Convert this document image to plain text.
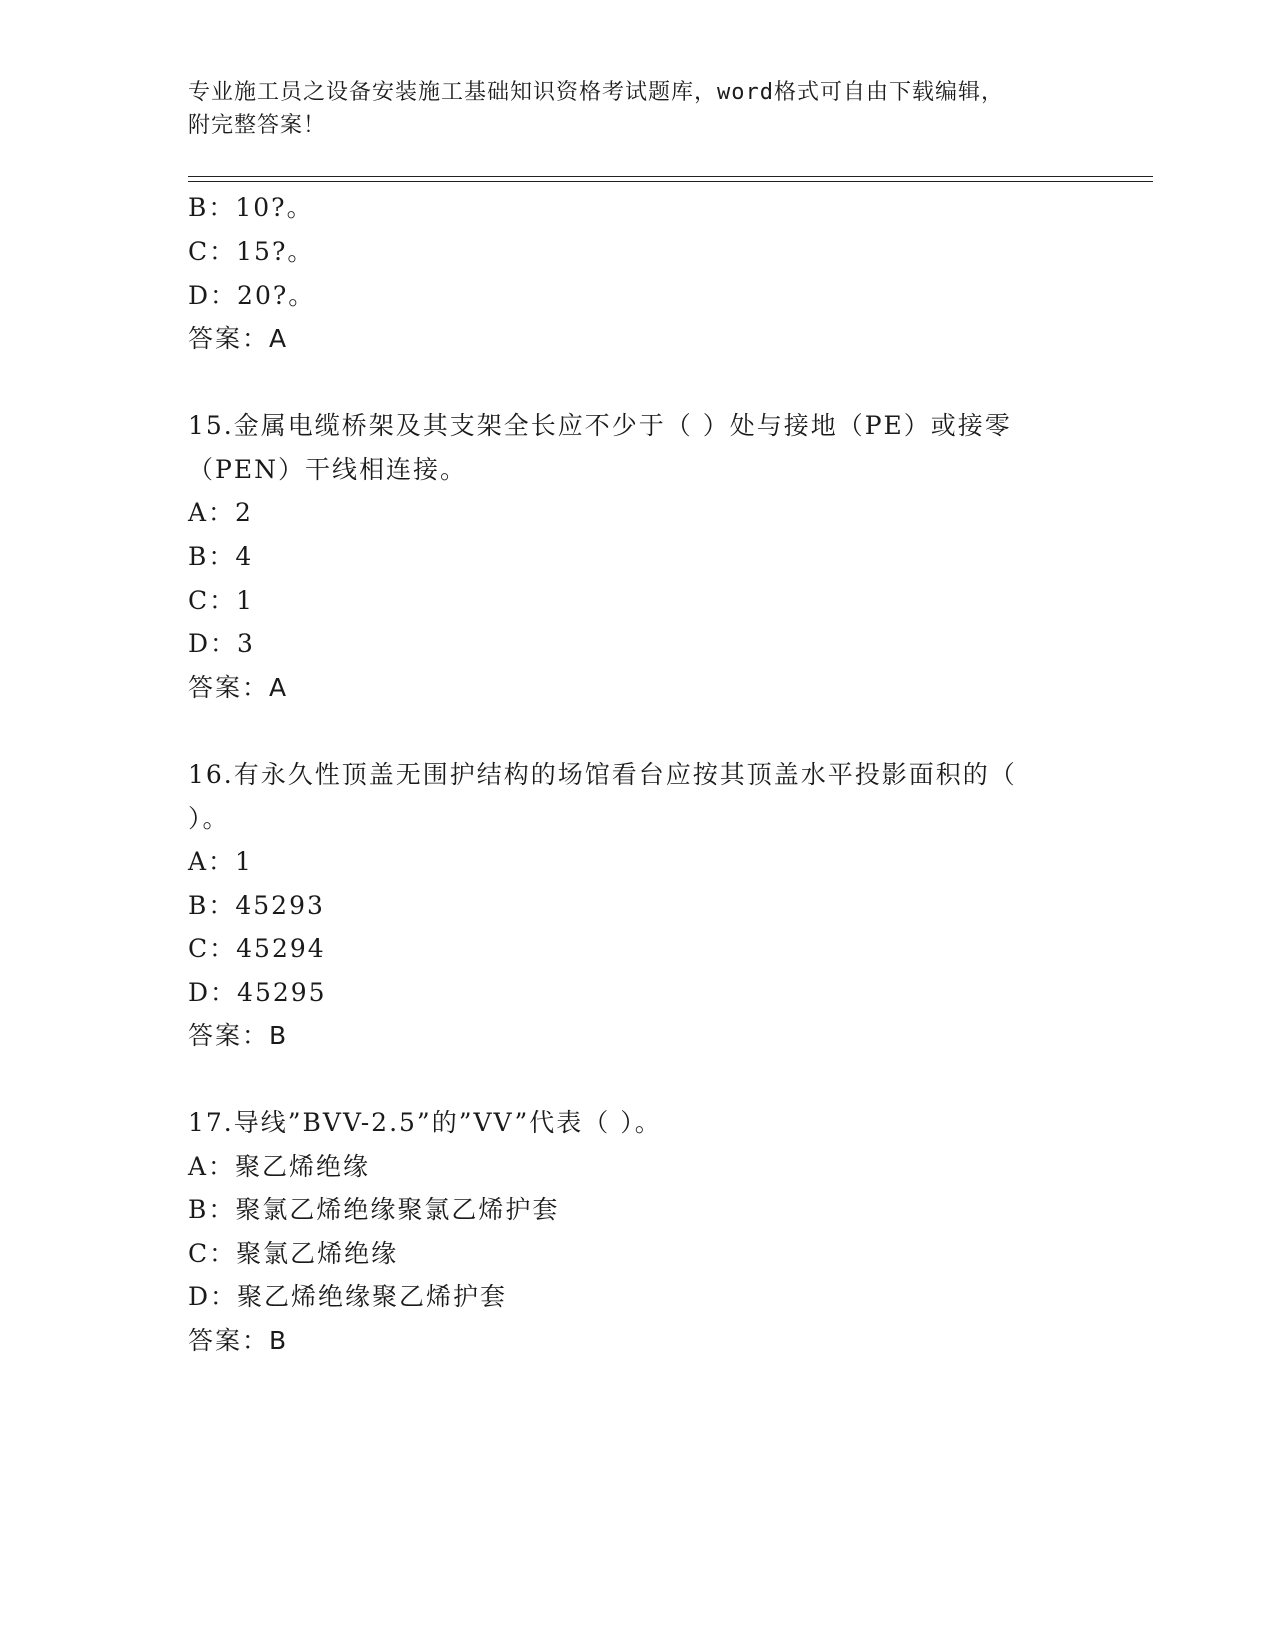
专业施工员之设备安装施工基础知识资格考试题库，word格式可自由下载编辑，
附完整答案！
B：10?。
C：15?。
D：20?。
答案：A
15.金属电缆桥架及其支架全长应不少于（ ）处与接地（PE）或接零
（PEN）干线相连接。
A：2
B：4
C：1
D：3
答案：A
16.有永久性顶盖无围护结构的场馆看台应按其顶盖水平投影面积的（
）。
A：1
B：45293
C：45294
D：45295
答案：B
17.导线”BVV-2.5”的”VV”代表（ ）。
A：聚乙烯绝缘
B：聚氯乙烯绝缘聚氯乙烯护套
C：聚氯乙烯绝缘
D：聚乙烯绝缘聚乙烯护套
答案：B
